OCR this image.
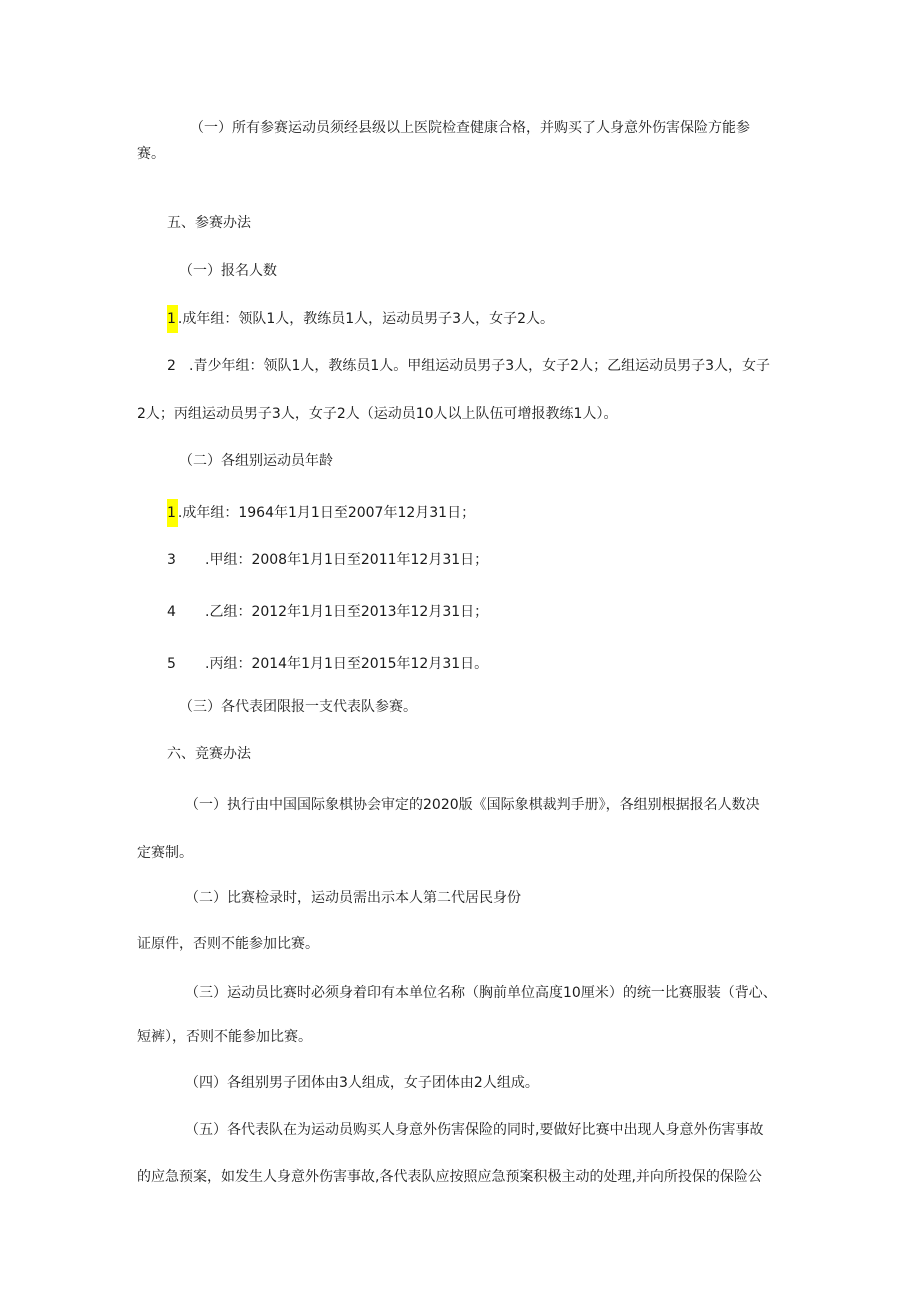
（一）所有参赛运动员须经县级以上医院检查健康合格，并购买了人身意外伤害保险方能参
赛。
五、参赛办法
（一）报名人数
1 .成年组：领队1人，教练员1人，运动员男子3人，女子2人。
2 .青少年组：领队1人，教练员1人。甲组运动员男子3人，女子2人；乙组运动员男子3人，女子
2人；丙组运动员男子3人，女子2人（运动员10人以上队伍可增报教练1人）。
（二）各组别运动员年龄
1 .成年组：1964年1月1日至2007年12月31日；
3 .甲组：2008年1月1日至2011年12月31日；
4 .乙组：2012年1月1日至2013年12月31日；
5 .丙组：2014年1月1日至2015年12月31日。
（三）各代表团限报一支代表队参赛。
六、竞赛办法
（一）执行由中国国际象棋协会审定的2020版《国际象棋裁判手册》，各组别根据报名人数决
定赛制。
（二）比赛检录时，运动员需出示本人第二代居民身份
证原件，否则不能参加比赛。
（三）运动员比赛时必须身着印有本单位名称（胸前单位高度10厘米）的统一比赛服装（背心、
短裤），否则不能参加比赛。
（四）各组别男子团体由3人组成，女子团体由2人组成。
（五）各代表队在为运动员购买人身意外伤害保险的同时,要做好比赛中出现人身意外伤害事故
的应急预案，如发生人身意外伤害事故,各代表队应按照应急预案积极主动的处理,并向所投保的保险公
